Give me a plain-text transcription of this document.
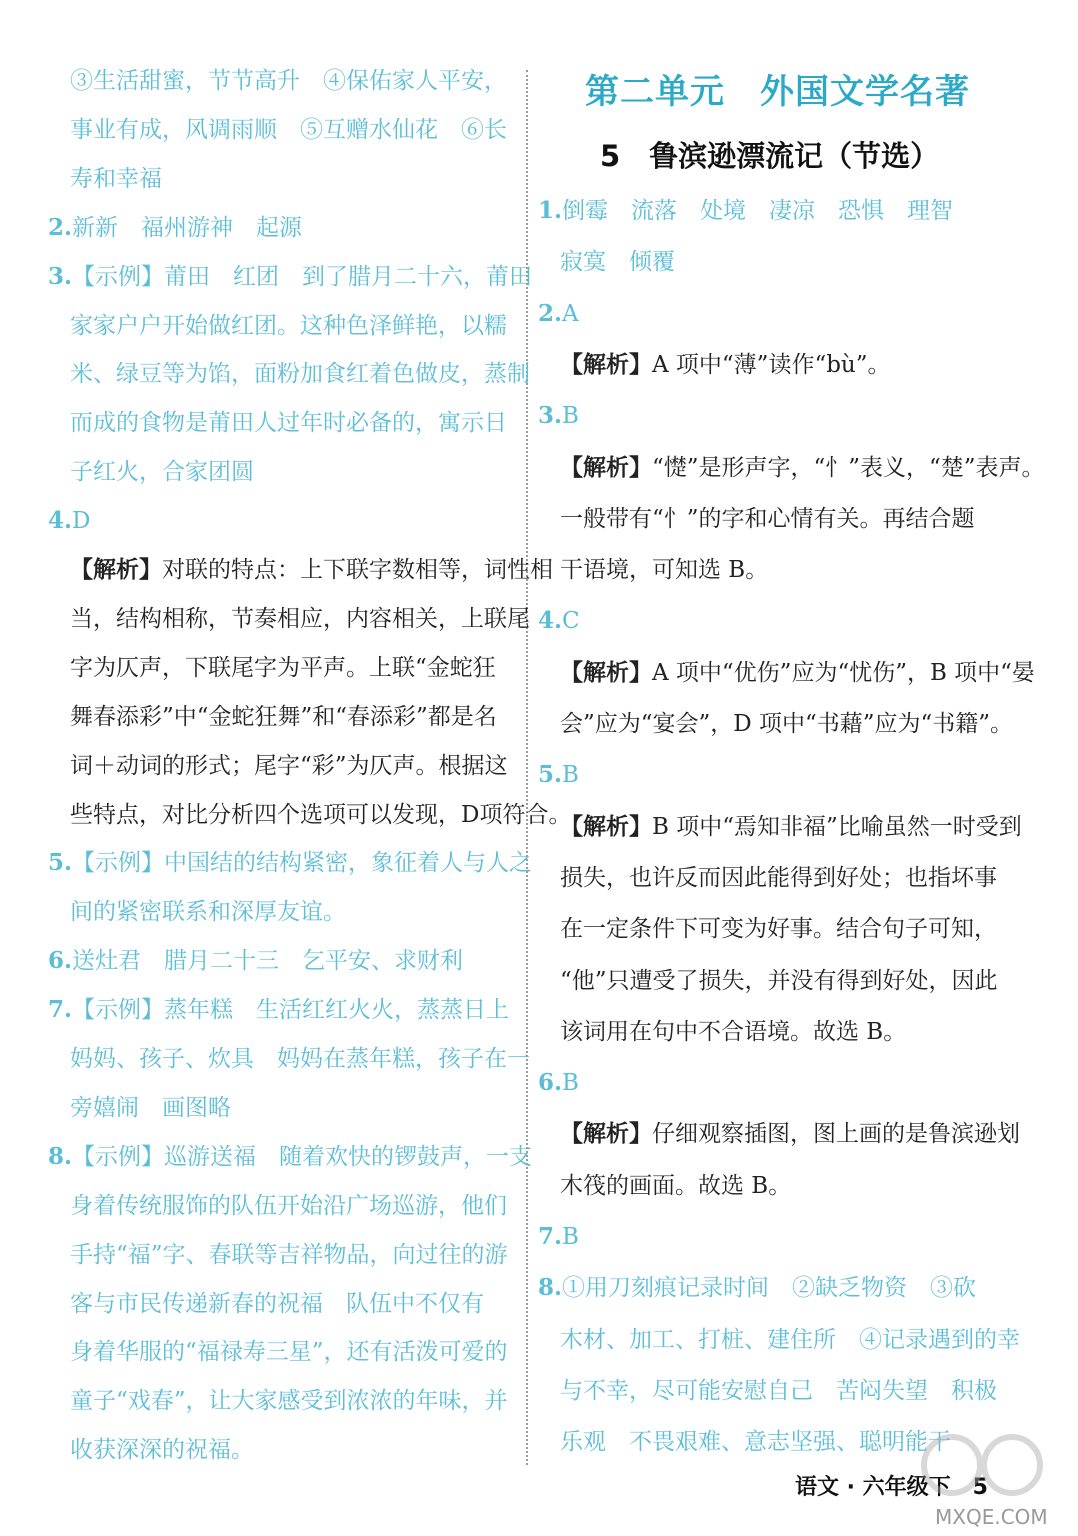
③生活甜蜜，节节高升　④保佑家人平安，
事业有成，风调雨顺　⑤互赠水仙花　⑥长
寿和幸福
2.新新　福州游神　起源
3.【示例】莆田　红团　到了腊月二十六，莆田
家家户户开始做红团。这种色泽鲜艳，以糯
米、绿豆等为馅，面粉加食红着色做皮，蒸制
而成的食物是莆田人过年时必备的，寓示日
子红火，合家团圆
4.D
【解析】对联的特点：上下联字数相等，词性相
当，结构相称，节奏相应，内容相关，上联尾
字为仄声，下联尾字为平声。上联“金蛇狂
舞春添彩”中“金蛇狂舞”和“春添彩”都是名
词＋动词的形式；尾字“彩”为仄声。根据这
些特点，对比分析四个选项可以发现，D项符合。
5.【示例】中国结的结构紧密，象征着人与人之
间的紧密联系和深厚友谊。
6.送灶君　腊月二十三　乞平安、求财利
7.【示例】蒸年糕　生活红红火火，蒸蒸日上
妈妈、孩子、炊具　妈妈在蒸年糕，孩子在一
旁嬉闹　画图略
8.【示例】巡游送福　随着欢快的锣鼓声，一支
身着传统服饰的队伍开始沿广场巡游，他们
手持“福”字、春联等吉祥物品，向过往的游
客与市民传递新春的祝福　队伍中不仅有
身着华服的“福禄寿三星”，还有活泼可爱的
童子“戏春”，让大家感受到浓浓的年味，并
收获深深的祝福。
第二单元　外国文学名著
5　鲁滨逊漂流记（节选）
1.倒霉　流落　处境　凄凉　恐惧　理智
寂寞　倾覆
2.A
【解析】A 项中“薄”读作“bù”。
3.B
【解析】“憷”是形声字，“忄”表义，“楚”表声。
一般带有“忄”的字和心情有关。再结合题
干语境，可知选 B。
4.C
【解析】A 项中“优伤”应为“忧伤”，B 项中“晏
会”应为“宴会”，D 项中“书藉”应为“书籍”。
5.B
【解析】B 项中“焉知非福”比喻虽然一时受到
损失，也许反而因此能得到好处；也指坏事
在一定条件下可变为好事。结合句子可知，
“他”只遭受了损失，并没有得到好处，因此
该词用在句中不合语境。故选 B。
6.B
【解析】仔细观察插图，图上画的是鲁滨逊划
木筏的画面。故选 B。
7.B
8.①用刀刻痕记录时间　②缺乏物资　③砍
木材、加工、打桩、建住所　④记录遇到的幸
与不幸，尽可能安慰自己　苦闷失望　积极
乐观　不畏艰难、意志坚强、聪明能干
语文 · 六年级下　5
MXQE.COM
